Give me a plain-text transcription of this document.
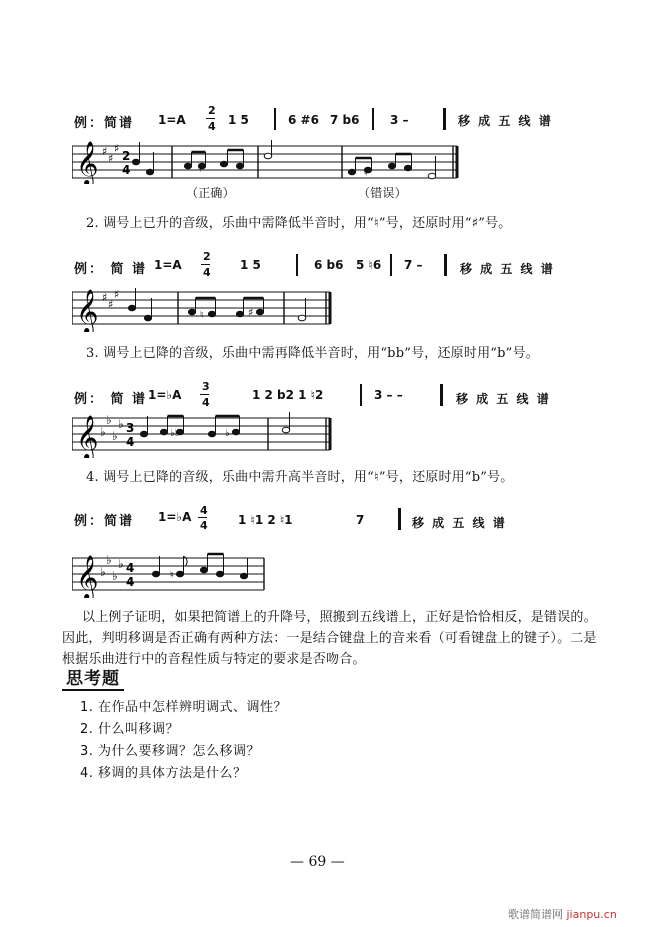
例：简谱 1=A
2
4 1 5	6 #6 7 b6	3 –	移 成 五 线 谱
𝄞 ♯
♯
♯
2
4	♮	♮
（正确）	（错误）
2. 调号上已升的音级，乐曲中需降低半音时，用“♮”号，还原时用“♯”号。
例： 简 谱 1=A
2
4
1 5	6 b6 5 ♮6 7 –	移 成 五 线 谱
𝄞 ♯
♯
♯
♮	♯
3. 调号上已降的音级，乐曲中需再降低半音时，用“bb”号，还原时用“b”号。
例： 简 谱 1=♭A
3
4
1 2 b2 1 ♮2	3 – –	移 成 五 线 谱
𝄞 ♭
♭
♭
♭ 3
4
♭♭	♭
4. 调号上已降的音级，乐曲中需升高半音时，用“♮”号，还原时用“b”号。
例：简谱 1=♭A 4
4	1 ♮1 2 ♮1	7	移 成 五 线 谱
𝄞 ♭
♭
♭
♭ 4
4	♮
以上例子证明，如果把简谱上的升降号，照搬到五线谱上，正好是恰恰相反，是错误的。
因此，判明移调是否正确有两种方法：一是结合键盘上的音来看（可看键盘上的键子）。二是
根据乐曲进行中的音程性质与特定的要求是否吻合。
思考题
1. 在作品中怎样辨明调式、调性？
2. 什么叫移调？
3. 为什么要移调？怎么移调？
4. 移调的具体方法是什么？
— 69 —
歌谱简谱网 jianpu.cn
